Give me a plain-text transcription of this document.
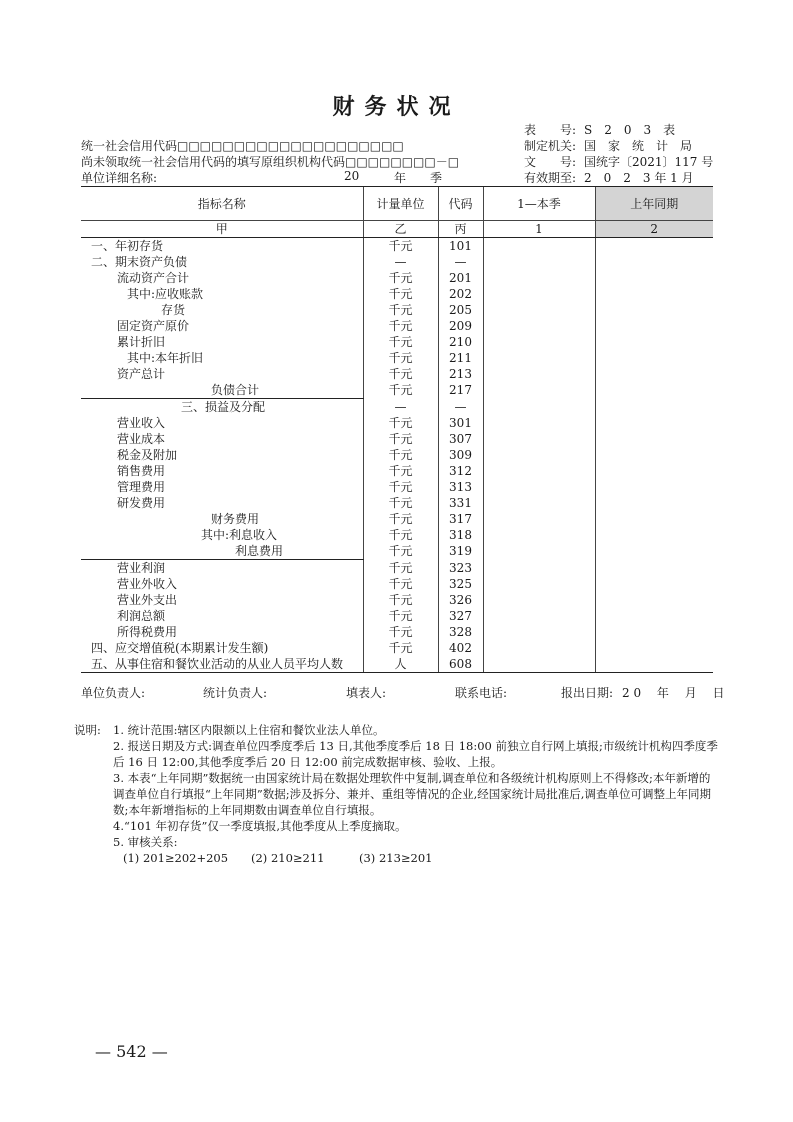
财务状况
统一社会信用代码□□□□□□□□□□□□□□□□□□□□
尚未领取统一社会信用代码的填写原组织机构代码□□□□□□□□－□
单位详细名称:	20	年 季
表　　号: S　2　0　3　表
制定机关: 国　家　统　计　局
文　　号: 国统字〔2021〕117 号
有效期至: 2　0　2　3 年 1 月
指标名称	计量单位	代码	1—本季	上年同期
甲	乙	丙	1	2
一、年初存货	千元	101		
二、期末资产负债	—	—		
流动资产合计	千元	201		
其中:应收账款	千元	202		
存货	千元	205		
固定资产原价	千元	209		
累计折旧	千元	210		
其中:本年折旧	千元	211		
资产总计	千元	213		
负债合计	千元	217		
三、损益及分配	—	—		
营业收入	千元	301		
营业成本	千元	307		
税金及附加	千元	309		
销售费用	千元	312		
管理费用	千元	313		
研发费用	千元	331		
财务费用	千元	317		
其中:利息收入	千元	318		
利息费用	千元	319		
营业利润	千元	323		
营业外收入	千元	325		
营业外支出	千元	326		
利润总额	千元	327		
所得税费用	千元	328		
四、应交增值税(本期累计发生额)	千元	402		
五、从事住宿和餐饮业活动的从业人员平均人数	人	608		
单位负责人:	统计负责人:	填表人:	联系电话:	报出日期: 2 0　 年　 月　 日
说明: 1. 统计范围:辖区内限额以上住宿和餐饮业法人单位。
2. 报送日期及方式:调查单位四季度季后 13 日,其他季度季后 18 日 18:00 前独立自行网上填报;市级统计机构四季度季后 16 日 12:00,其他季度季后 20 日 12:00 前完成数据审核、验收、上报。
3. 本表“上年同期”数据统一由国家统计局在数据处理软件中复制,调查单位和各级统计机构原则上不得修改;本年新增的调查单位自行填报“上年同期”数据;涉及拆分、兼并、重组等情况的企业,经国家统计局批准后,调查单位可调整上年同期数;本年新增指标的上年同期数由调查单位自行填报。
4.“101 年初存货”仅一季度填报,其他季度从上季度摘取。
5. 审核关系:
(1) 201≥202+205 (2) 210≥211	(3) 213≥201
— 542 —
